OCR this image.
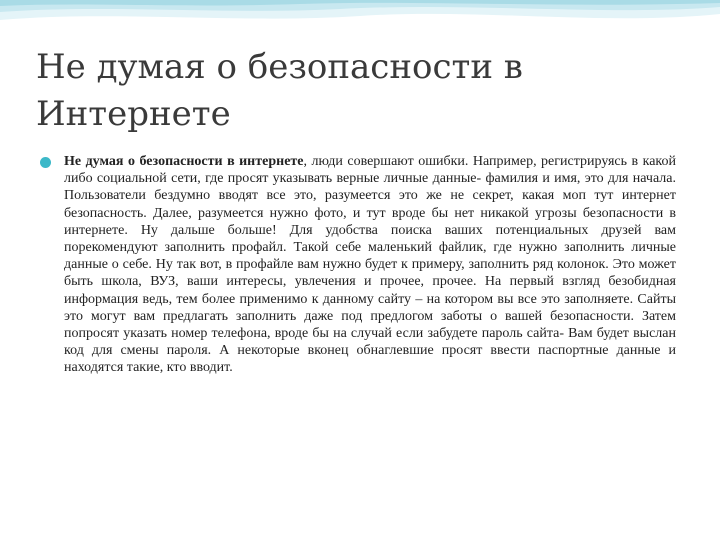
Не думая о безопасности в Интернете

Не думая о безопасности в интернете, люди совершают ошибки. Например, регистрируясь в какой либо социальной сети, где просят указывать верные личные данные- фамилия и имя, это для начала. Пользователи бездумно вводят все это, разумеется это же не секрет, какая моп тут интернет безопасность. Далее, разумеется нужно фото, и тут вроде бы нет никакой угрозы безопасности в интернете. Ну дальше больше! Для удобства поиска ваших потенциальных друзей вам порекомендуют заполнить профайл. Такой себе маленький файлик, где нужно заполнить личные данные о себе. Ну так вот, в профайле вам нужно будет к примеру, заполнить ряд колонок. Это может быть школа, ВУЗ, ваши интересы, увлечения и прочее, прочее. На первый взгляд безобидная информация ведь, тем более применимо к данному сайту – на котором вы все это заполняете. Сайты это могут вам предлагать заполнить даже под предлогом заботы о вашей безопасности. Затем попросят указать номер телефона, вроде бы на случай если забудете пароль сайта- Вам будет выслан код для смены пароля. А некоторые вконец обнаглевшие просят ввести паспортные данные и находятся такие, кто вводит.
